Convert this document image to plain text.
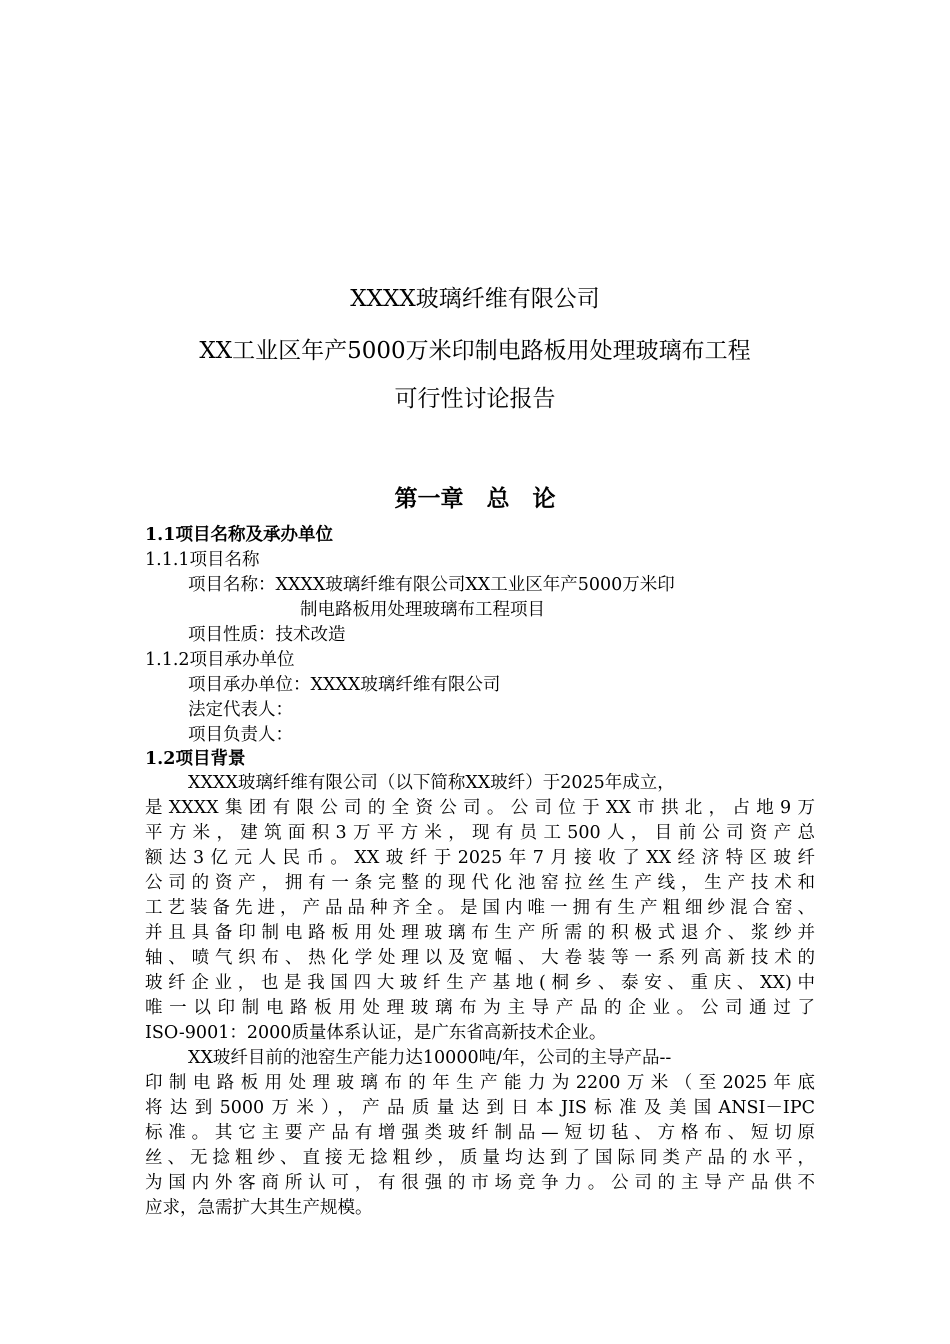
XXXX玻璃纤维有限公司
XX工业区年产5000万米印制电路板用处理玻璃布工程
可行性讨论报告
第一章　总　论
1.1项目名称及承办单位
1.1.1项目名称
项目名称：XXXX玻璃纤维有限公司XX工业区年产5000万米印
制电路板用处理玻璃布工程项目
项目性质：技术改造
1.1.2项目承办单位
项目承办单位：XXXX玻璃纤维有限公司
法定代表人：
项目负责人：
1.2项目背景
XXXX玻璃纤维有限公司（以下简称XX玻纤）于2025年成立，
是XXXX集团有限公司的全资公司。公司位于XX市拱北，占地9万
平方米，建筑面积3万平方米，现有员工500人，目前公司资产总
额达3亿元人民币。XX玻纤于2025年7月接收了XX经济特区玻纤
公司的资产，拥有一条完整的现代化池窑拉丝生产线，生产技术和
工艺装备先进，产品品种齐全。是国内唯一拥有生产粗细纱混合窑、
并且具备印制电路板用处理玻璃布生产所需的积极式退介、浆纱并
轴、喷气织布、热化学处理以及宽幅、大卷装等一系列高新技术的
玻纤企业，也是我国四大玻纤生产基地(桐乡、泰安、重庆、XX)中
唯一以印制电路板用处理玻璃布为主导产品的企业。公司通过了
ISO-9001：2000质量体系认证，是广东省高新技术企业。
XX玻纤目前的池窑生产能力达10000吨/年，公司的主导产品--
印制电路板用处理玻璃布的年生产能力为2200万米（至2025年底
将达到5000万米），产品质量达到日本JIS标准及美国ANSI－IPC
标准。其它主要产品有增强类玻纤制品—短切毡、方格布、短切原
丝、无捻粗纱、直接无捻粗纱，质量均达到了国际同类产品的水平，
为国内外客商所认可，有很强的市场竞争力。公司的主导产品供不
应求，急需扩大其生产规模。
